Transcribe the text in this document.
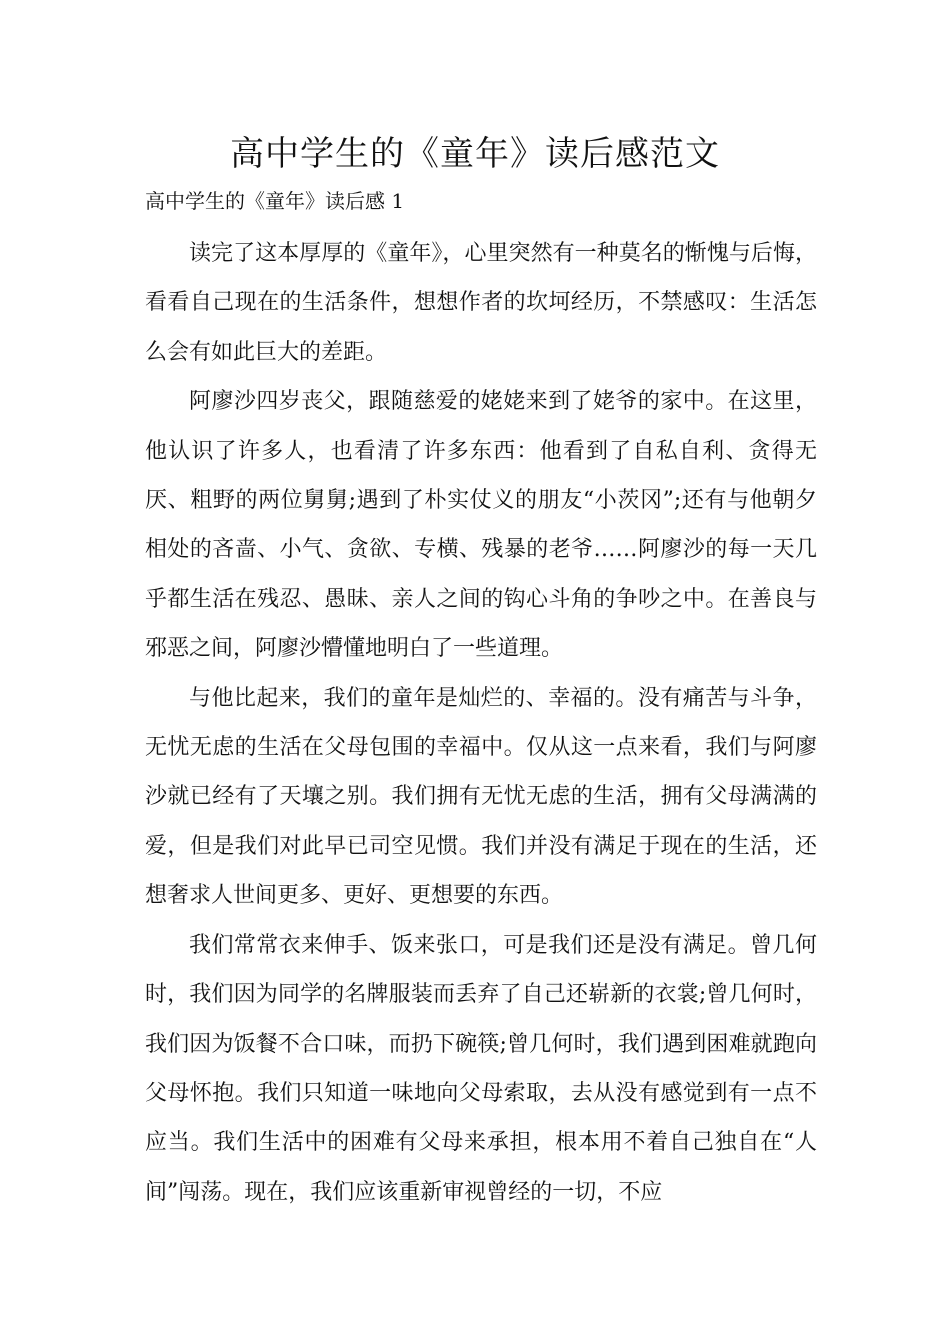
高中学生的《童年》读后感范文

高中学生的《童年》读后感 1

读完了这本厚厚的《童年》，心里突然有一种莫名的惭愧与后悔，看看自己现在的生活条件，想想作者的坎坷经历，不禁感叹：生活怎么会有如此巨大的差距。

阿廖沙四岁丧父，跟随慈爱的姥姥来到了姥爷的家中。在这里，他认识了许多人，也看清了许多东西：他看到了自私自利、贪得无厌、粗野的两位舅舅;遇到了朴实仗义的朋友“小茨冈”;还有与他朝夕相处的吝啬、小气、贪欲、专横、残暴的老爷……阿廖沙的每一天几乎都生活在残忍、愚昧、亲人之间的钩心斗角的争吵之中。在善良与邪恶之间，阿廖沙懵懂地明白了一些道理。

与他比起来，我们的童年是灿烂的、幸福的。没有痛苦与斗争，无忧无虑的生活在父母包围的幸福中。仅从这一点来看，我们与阿廖沙就已经有了天壤之别。我们拥有无忧无虑的生活，拥有父母满满的爱，但是我们对此早已司空见惯。我们并没有满足于现在的生活，还想奢求人世间更多、更好、更想要的东西。

我们常常衣来伸手、饭来张口，可是我们还是没有满足。曾几何时，我们因为同学的名牌服装而丢弃了自己还崭新的衣裳;曾几何时，我们因为饭餐不合口味，而扔下碗筷;曾几何时，我们遇到困难就跑向父母怀抱。我们只知道一味地向父母索取，去从没有感觉到有一点不应当。我们生活中的困难有父母来承担，根本用不着自己独自在“人间”闯荡。现在，我们应该重新审视曾经的一切，不应
